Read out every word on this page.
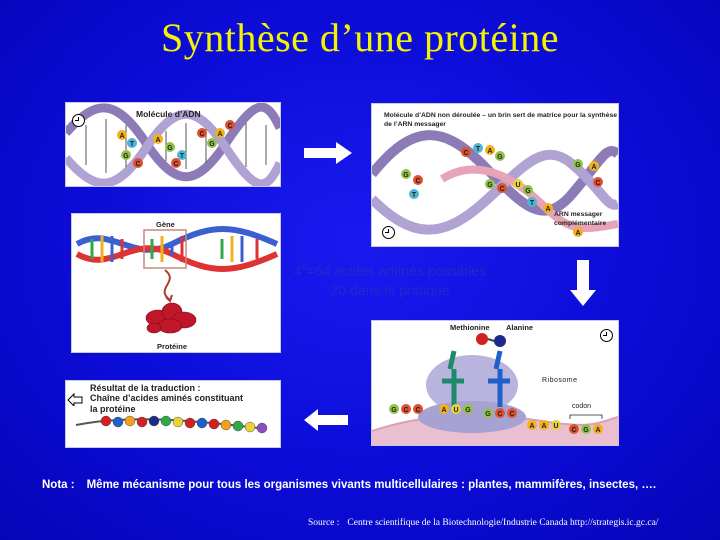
Synthèse d’une protéine
A
T
G
C
A
G
T
C
C
G
A
C
Molécule d’ADN
G
C
T
C
T A
G
G
C
U
G
T
A
G A
C
A
Molécule d’ADN non déroulée – un brin sert de matrice pour la synthèse
de l’ARN messager
ARN messager
complémentaire
Gène
Protéine
G C C	A U G
G C C
A A U
C G A
Methionine Alanine
Ribosome
codon
Résultat de la traduction :
Chaîne d’acides aminés constituant
la protéine
$4^3=64$ acides aminés possibles
20 dans la pratique
Nota : Même mécanisme pour tous les organismes vivants multicellulaires : plantes, mammifères, insectes, ….
Source : Centre scientifique de la Biotechnologie/Industrie Canada http://strategis.ic.gc.ca/
